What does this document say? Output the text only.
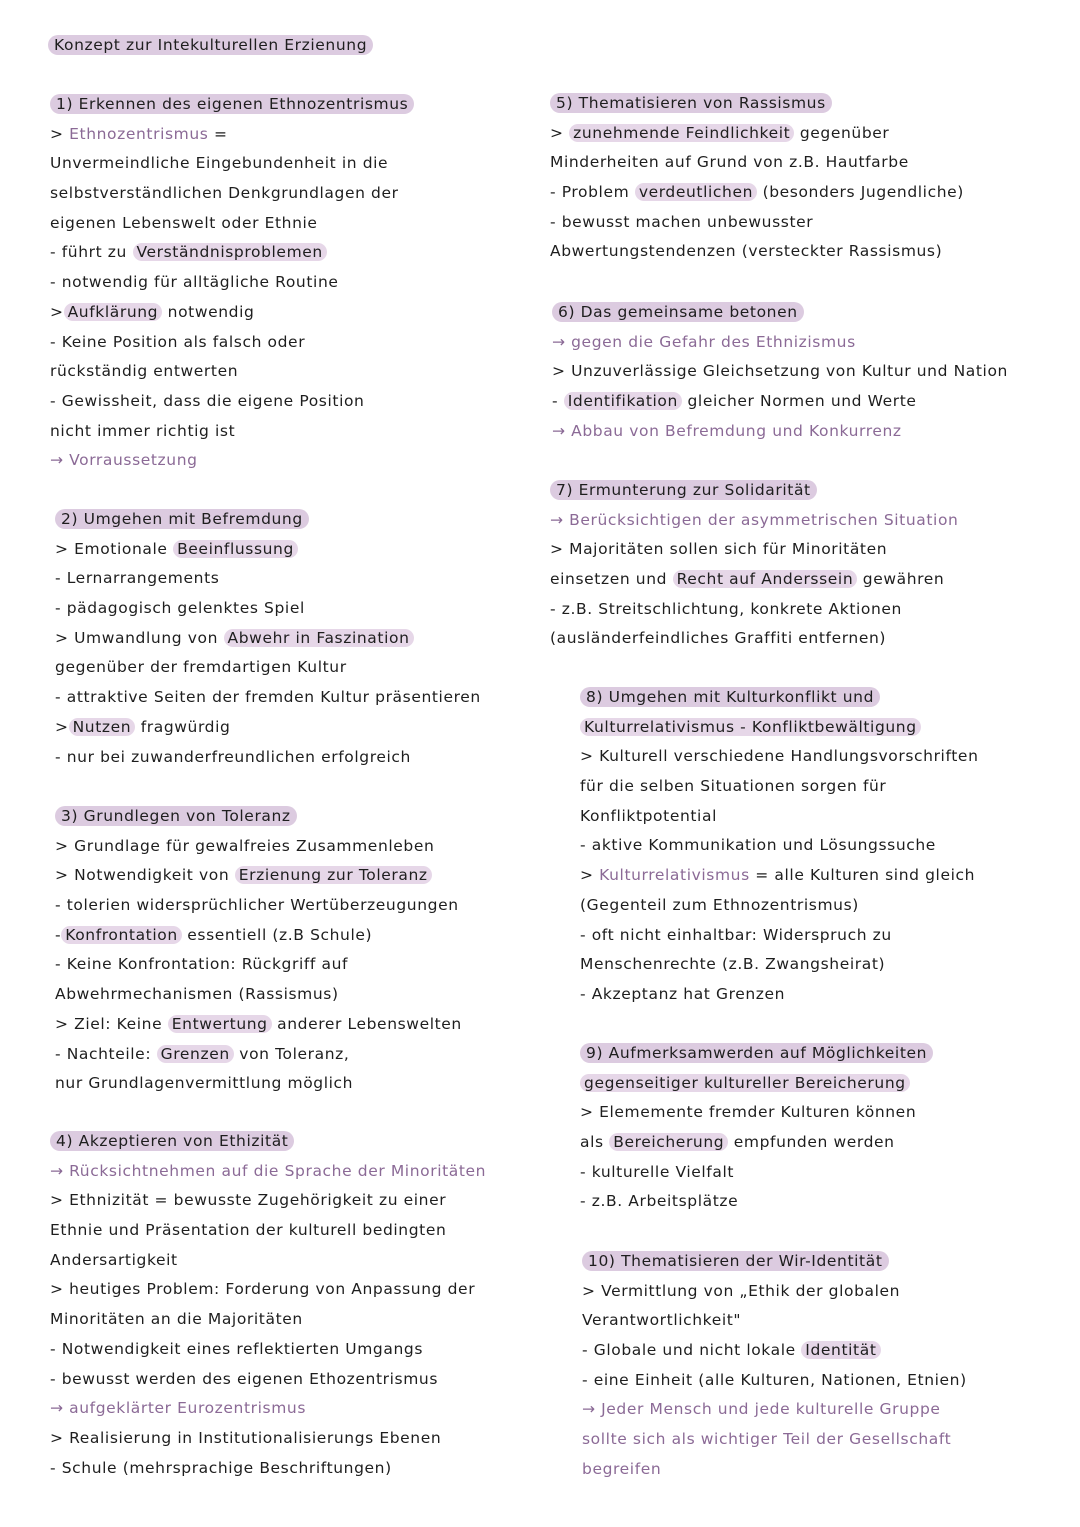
Konzept zur Intekulturellen Erzienung
1) Erkennen des eigenen Ethnozentrismus
> Ethnozentrismus =
Unvermeindliche Eingebundenheit in die
selbstverständlichen Denkgrundlagen der
eigenen Lebenswelt oder Ethnie
- führt zu Verständnisproblemen
- notwendig für alltägliche Routine
> Aufklärung notwendig
- Keine Position als falsch oder
rückständig entwerten
- Gewissheit, dass die eigene Position
nicht immer richtig ist
→ Vorraussetzung
2) Umgehen mit Befremdung
> Emotionale Beeinflussung
- Lernarrangements
- pädagogisch gelenktes Spiel
> Umwandlung von Abwehr in Faszination
gegenüber der fremdartigen Kultur
- attraktive Seiten der fremden Kultur präsentieren
> Nutzen fragwürdig
- nur bei zuwanderfreundlichen erfolgreich
3) Grundlegen von Toleranz
> Grundlage für gewalfreies Zusammenleben
> Notwendigkeit von Erzienung zur Toleranz
- tolerien widersprüchlicher Wertüberzeugungen
- Konfrontation essentiell (z.B Schule)
- Keine Konfrontation: Rückgriff auf
Abwehrmechanismen (Rassismus)
> Ziel: Keine Entwertung anderer Lebenswelten
- Nachteile: Grenzen von Toleranz,
nur Grundlagenvermittlung möglich
4) Akzeptieren von Ethizität
→ Rücksichtnehmen auf die Sprache der Minoritäten
> Ethnizität = bewusste Zugehörigkeit zu einer
Ethnie und Präsentation der kulturell bedingten
Andersartigkeit
> heutiges Problem: Forderung von Anpassung der
Minoritäten an die Majoritäten
- Notwendigkeit eines reflektierten Umgangs
- bewusst werden des eigenen Ethozentrismus
→ aufgeklärter Eurozentrismus
> Realisierung in Institutionalisierungs Ebenen
- Schule (mehrsprachige Beschriftungen)
5) Thematisieren von Rassismus
> zunehmende Feindlichkeit gegenüber
Minderheiten auf Grund von z.B. Hautfarbe
- Problem verdeutlichen (besonders Jugendliche)
- bewusst machen unbewusster
Abwertungstendenzen (versteckter Rassismus)
6) Das gemeinsame betonen
→ gegen die Gefahr des Ethnizismus
> Unzuverlässige Gleichsetzung von Kultur und Nation
- Identifikation gleicher Normen und Werte
→ Abbau von Befremdung und Konkurrenz
7) Ermunterung zur Solidarität
→ Berücksichtigen der asymmetrischen Situation
> Majoritäten sollen sich für Minoritäten
einsetzen und Recht auf Anderssein gewähren
- z.B. Streitschlichtung, konkrete Aktionen
(ausländerfeindliches Graffiti entfernen)
8) Umgehen mit Kulturkonflikt und
Kulturrelativismus - Konfliktbewältigung
> Kulturell verschiedene Handlungsvorschriften
für die selben Situationen sorgen für
Konfliktpotential
- aktive Kommunikation und Lösungssuche
> Kulturrelativismus = alle Kulturen sind gleich
(Gegenteil zum Ethnozentrismus)
- oft nicht einhaltbar: Widerspruch zu
Menschenrechte (z.B. Zwangsheirat)
- Akzeptanz hat Grenzen
9) Aufmerksamwerden auf Möglichkeiten
gegenseitiger kultureller Bereicherung
> Elememente fremder Kulturen können
als Bereicherung empfunden werden
- kulturelle Vielfalt
- z.B. Arbeitsplätze
10) Thematisieren der Wir-Identität
> Vermittlung von „Ethik der globalen
Verantwortlichkeit"
- Globale und nicht lokale Identität
- eine Einheit (alle Kulturen, Nationen, Etnien)
→ Jeder Mensch und jede kulturelle Gruppe
sollte sich als wichtiger Teil der Gesellschaft
begreifen
